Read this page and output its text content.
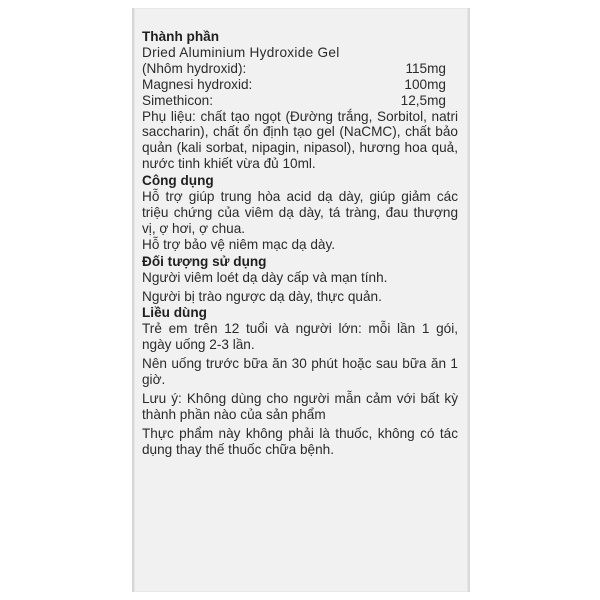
Thành phần
Dried Aluminium Hydroxide Gel
(Nhôm hydroxid):	115mg
Magnesi hydroxid:	100mg
Simethicon:	12,5mg

Phụ liệu: chất tạo ngọt (Đường trắng, Sorbitol, natri saccharin), chất ổn định tạo gel (NaCMC), chất bảo quản (kali sorbat, nipagin, nipasol), hương hoa quả, nước tinh khiết vừa đủ 10ml.

Công dụng

Hỗ trợ giúp trung hòa acid dạ dày, giúp giảm các triệu chứng của viêm dạ dày, tá tràng, đau thượng vị, ợ hơi, ợ chua.

Hỗ trợ bảo vệ niêm mạc dạ dày.

Đối tượng sử dụng

Người viêm loét dạ dày cấp và mạn tính.

Người bị trào ngược dạ dày, thực quản.

Liều dùng

Trẻ em trên 12 tuổi và người lớn: mỗi lần 1 gói, ngày uống 2-3 lần.

Nên uống trước bữa ăn 30 phút hoặc sau bữa ăn 1 giờ.

Lưu ý: Không dùng cho người mẫn cảm với bất kỳ thành phần nào của sản phẩm

Thực phẩm này không phải là thuốc, không có tác dụng thay thế thuốc chữa bệnh.
